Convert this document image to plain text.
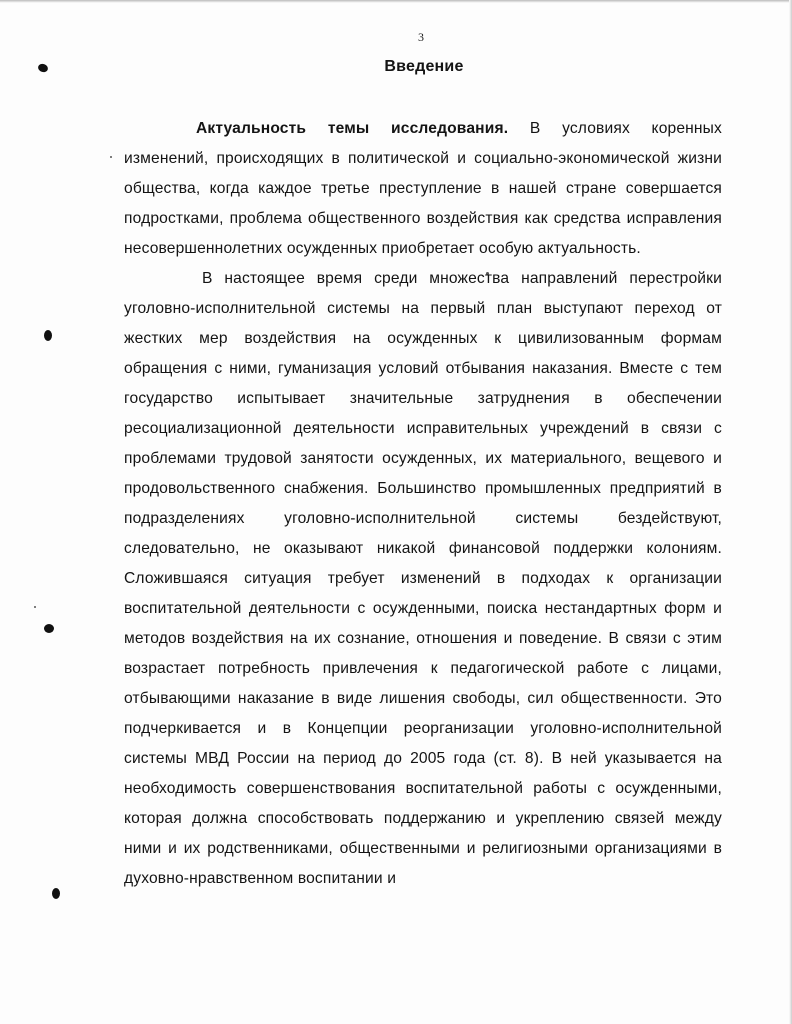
3
Введение

Актуальность темы исследования. В условиях коренных изменений, происходящих в политической и социально-экономической жизни общества, когда каждое третье преступление в нашей стране совершается подростками, проблема общественного воздействия как средства исправления несовершеннолетних осужденных приобретает особую актуальность.

В настоящее время среди множества направлений перестройки уголовно-исполнительной системы на первый план выступают переход от жестких мер воздействия на осужденных к цивилизованным формам обращения с ними, гуманизация условий отбывания наказания. Вместе с тем государство испытывает значительные затруднения в обеспечении ресоциализационной деятельности исправительных учреждений в связи с проблемами трудовой занятости осужденных, их материального, вещевого и продовольственного снабжения. Большинство промышленных предприятий в подразделениях уголовно-исполнительной системы бездействуют, следовательно, не оказывают никакой финансовой поддержки колониям. Сложившаяся ситуация требует изменений в подходах к организации воспитательной деятельности с осужденными, поиска нестандартных форм и методов воздействия на их сознание, отношения и поведение. В связи с этим возрастает потребность привлечения к педагогической работе с лицами, отбывающими наказание в виде лишения свободы, сил общественности. Это подчеркивается и в Концепции реорганизации уголовно-исполнительной системы МВД России на период до 2005 года (ст. 8). В ней указывается на необходимость совершенствования воспитательной работы с осужденными, которая должна способствовать поддержанию и укреплению связей между ними и их родственниками, общественными и религиозными организациями в духовно-нравственном воспитании и
